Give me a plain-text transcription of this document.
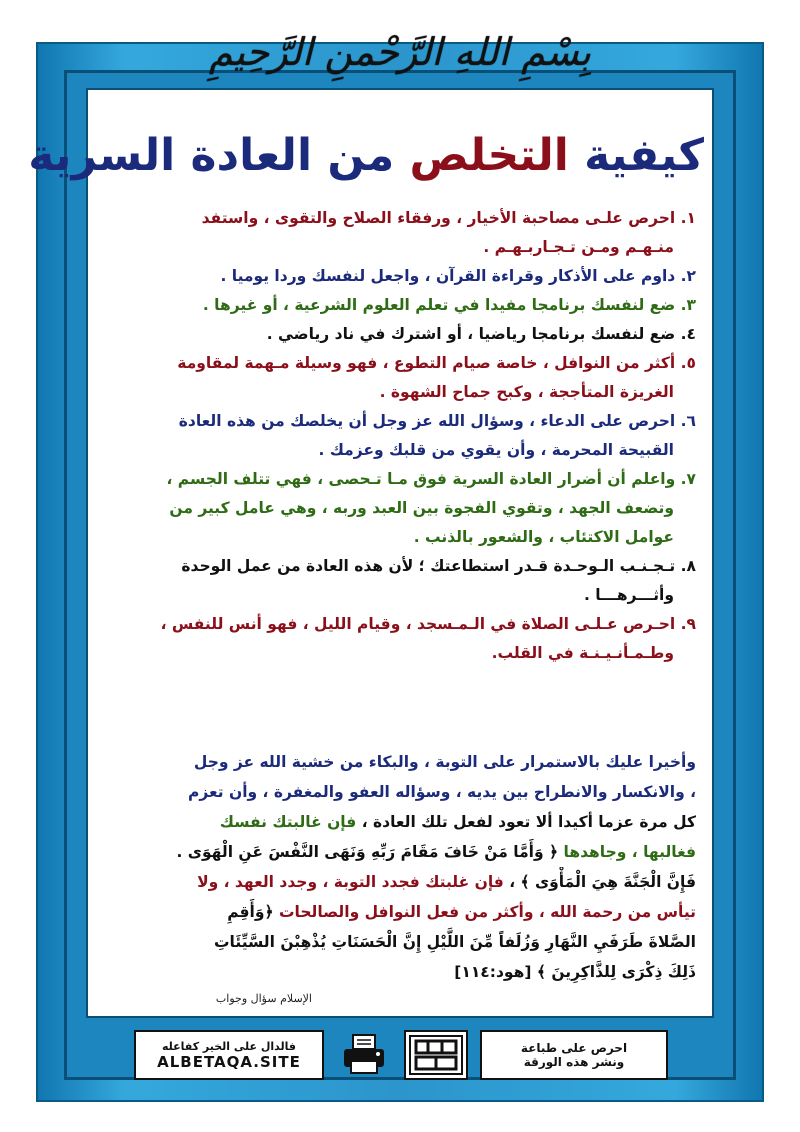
بِسْمِ اللهِ الرَّحْمنِ الرَّحِيمِ
كيفية التخلص من العادة السرية
١. احرص علـى مصاحبة الأخيار ، ورفقاء الصلاح والتقوى ، واستفد
منـهـم ومـن تـجـاربـهـم .
٢. داوم على الأذكار وقراءة القرآن ، واجعل لنفسك وردا يوميا .
٣. ضع لنفسك برنامجا مفيدا في تعلم العلوم الشرعية ، أو غيرها .
٤. ضع لنفسك برنامجا رياضيا ، أو اشترك في ناد رياضي .
٥. أكثر من النوافل ، خاصة صيام التطوع ، فهو وسيلة مـهمة لمقاومة
الغريزة المتأججة ، وكبح جماح الشهوة .
٦. احرص على الدعاء ، وسؤال الله عز وجل أن يخلصك من هذه العادة
القبيحة المحرمة ، وأن يقوي من قلبك وعزمك .
٧. واعلم أن أضرار العادة السرية فوق مـا تـحصى ، فهي تتلف الجسم ،
وتضعف الجهد ، وتقوي الفجوة بين العبد وربه ، وهي عامل كبير من
عوامل الاكتئاب ، والشعور بالذنب .
٨. تـجـنـب الـوحـدة قـدر استطاعتك ؛ لأن هذه العادة من عمل الوحدة
وأثـــرهـــا .
٩. احـرص عـلـى الصلاة في الـمـسجد ، وقيام الليل ، فهو أنس للنفس ،
وطـمـأنـيـنـة في القلب.
وأخيرا عليك بالاستمرار على التوبة ، والبكاء من خشية الله عز وجل
، والانكسار والانطراح بين يديه ، وسؤاله العفو والمغفرة ، وأن تعزم
كل مرة عزما أكيدا ألا تعود لفعل تلك العادة ، فإن غالبتك نفسك
فغالبها ، وجاهدها ﴿ وَأَمَّا مَنْ خَافَ مَقَامَ رَبِّهِ وَنَهَى النَّفْسَ عَنِ الْهَوَى .
فَإِنَّ الْجَنَّةَ هِيَ الْمَأْوَى ﴾ ، فإن غلبتك فجدد التوبة ، وجدد العهد ، ولا
تيأس من رحمة الله ، وأكثر من فعل النوافل والصالحات ﴿وَأَقِمِ
الصَّلاةَ طَرَفَيِ النَّهَارِ وَزُلَفاً مِّنَ اللَّيْلِ إِنَّ الْحَسَنَاتِ يُذْهِبْنَ السَّيِّئَاتِ
ذَلِكَ ذِكْرَى لِلذَّاكِرِينَ ﴾ [هود:١١٤]
الإسلام سؤال وجواب
فالدال على الخير كفاعله
ALBETAQA.SITE
احرص على طباعة
ونشر هذه الورقة
